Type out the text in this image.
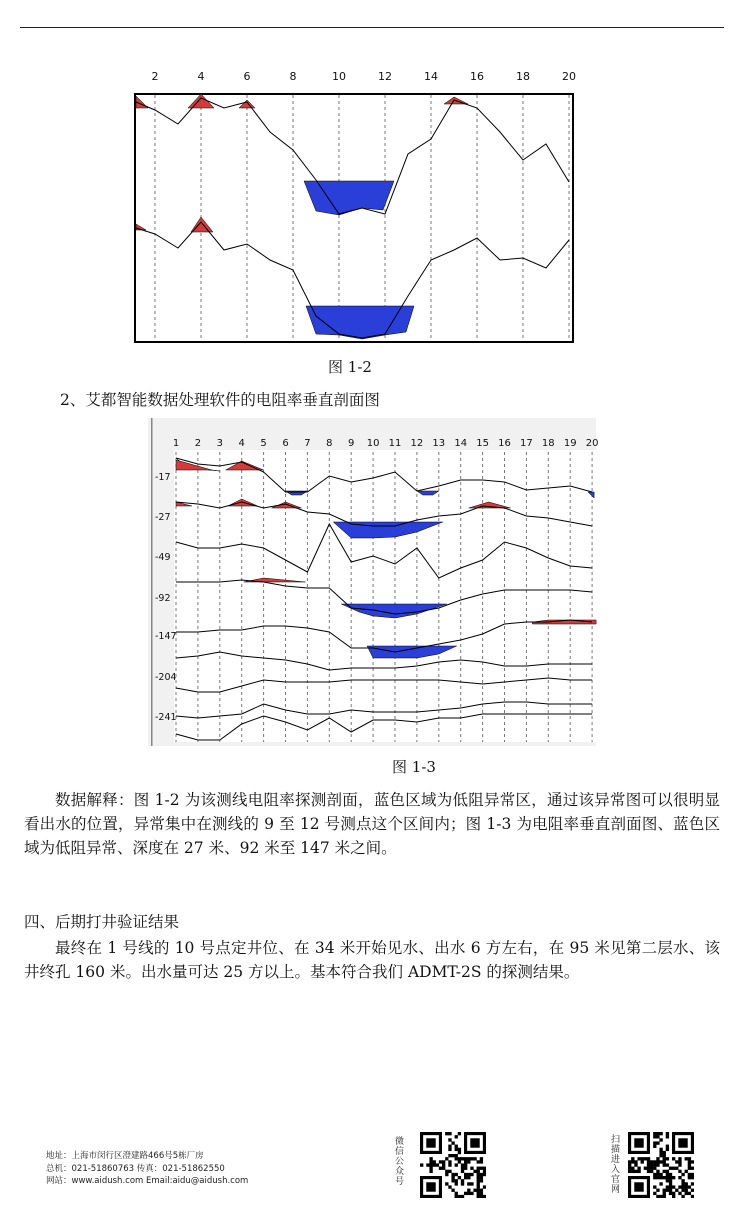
2	4	6	8	10	12	14	16	18	20
图 1-2
2、艾都智能数据处理软件的电阻率垂直剖面图
1 2 3 4 5 6 7 8 9 10 11 12 13 14 15 16 17 18 19 20
-17
-27
-49
-92
-147
-204
-241
图 1-3
数据解释：图 1-2 为该测线电阻率探测剖面，蓝色区域为低阻异常区，通过该异常图可以很明显看出水的位置，异常集中在测线的 9 至 12 号测点这个区间内；图 1-3 为电阻率垂直剖面图、蓝色区域为低阻异常、深度在 27 米、92 米至 147 米之间。
四、后期打井验证结果
最终在 1 号线的 10 号点定井位、在 34 米开始见水、出水 6 方左右，在 95 米见第二层水、该井终孔 160 米。出水量可达 25 方以上。基本符合我们 ADMT-2S 的探测结果。
地址：上海市闵行区澄建路466号5栋厂房
总机：021-51860763 传真：021-51862550
网站：www.aidush.com Email:aidu@aidush.com	微信公众号	扫描进入官网
